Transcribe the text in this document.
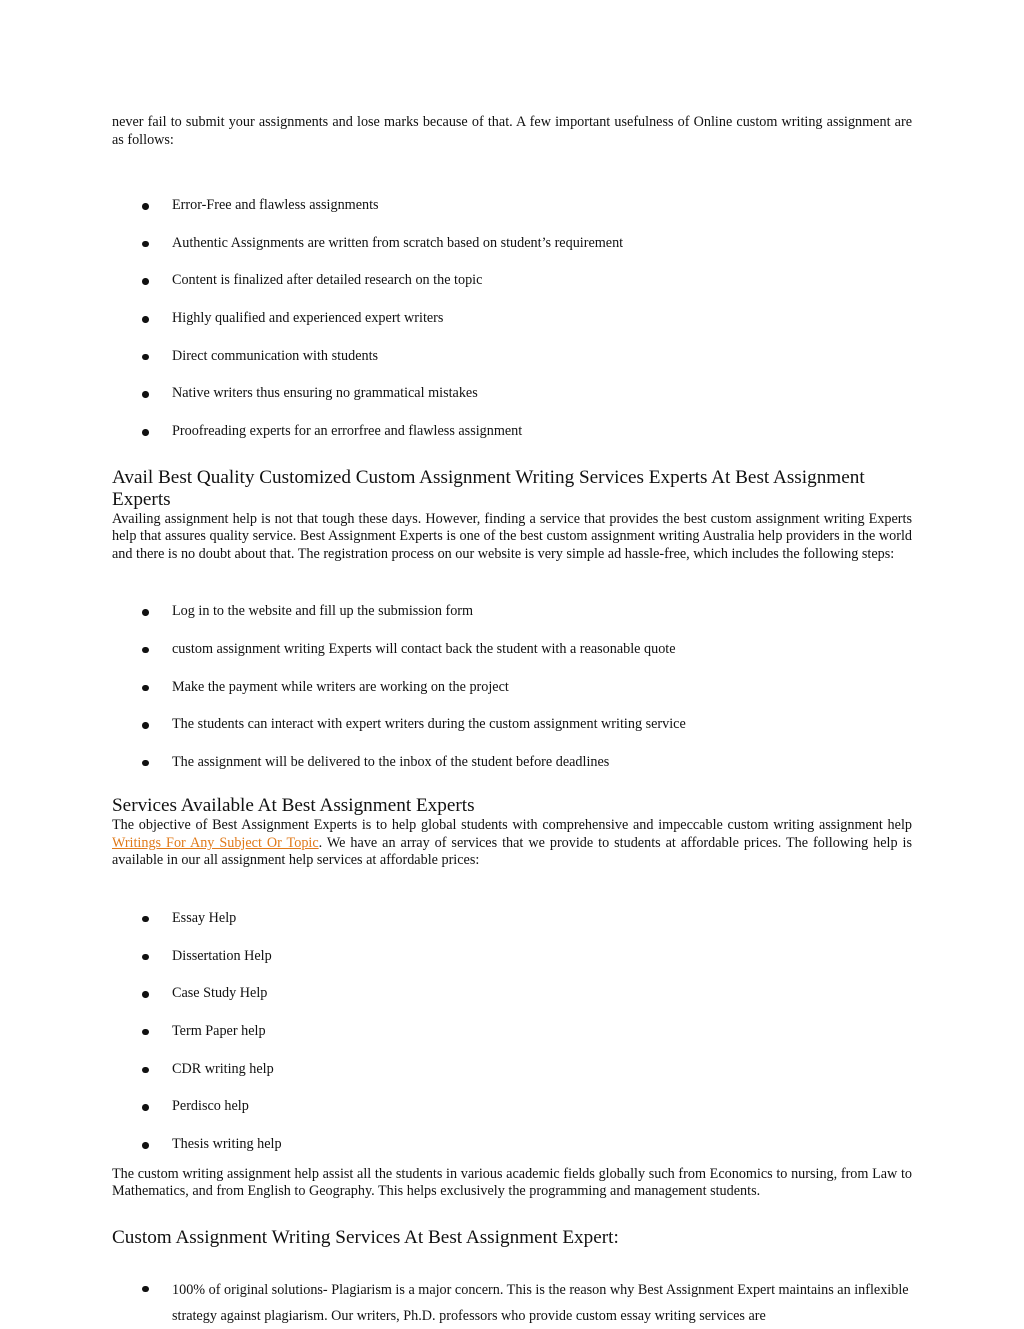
never fail to submit your assignments and lose marks because of that. A few important usefulness of Online custom writing assignment are as follows:

Error-Free and flawless assignments
Authentic Assignments are written from scratch based on student’s requirement
Content is finalized after detailed research on the topic
Highly qualified and experienced expert writers
Direct communication with students
Native writers thus ensuring no grammatical mistakes
Proofreading experts for an errorfree and flawless assignment
Avail Best Quality Customized Custom Assignment Writing Services Experts At Best Assignment Experts

Availing assignment help is not that tough these days. However, finding a service that provides the best custom assignment writing Experts help that assures quality service. Best Assignment Experts is one of the best custom assignment writing Australia help providers in the world and there is no doubt about that. The registration process on our website is very simple ad hassle-free, which includes the following steps:

Log in to the website and fill up the submission form
custom assignment writing Experts will contact back the student with a reasonable quote
Make the payment while writers are working on the project
The students can interact with expert writers during the custom assignment writing service
The assignment will be delivered to the inbox of the student before deadlines
Services Available At Best Assignment Experts

The objective of Best Assignment Experts is to help global students with comprehensive and impeccable custom writing assignment help Writings For Any Subject Or Topic. We have an array of services that we provide to students at affordable prices. The following help is available in our all assignment help services at affordable prices:

Essay Help
Dissertation Help
Case Study Help
Term Paper help
CDR writing help
Perdisco help
Thesis writing help

The custom writing assignment help assist all the students in various academic fields globally such from Economics to nursing, from Law to Mathematics, and from English to Geography. This helps exclusively the programming and management students.

Custom Assignment Writing Services At Best Assignment Expert:
100% of original solutions- Plagiarism is a major concern. This is the reason why Best Assignment Expert maintains an inflexible strategy against plagiarism. Our writers, Ph.D. professors who provide custom essay writing services are
